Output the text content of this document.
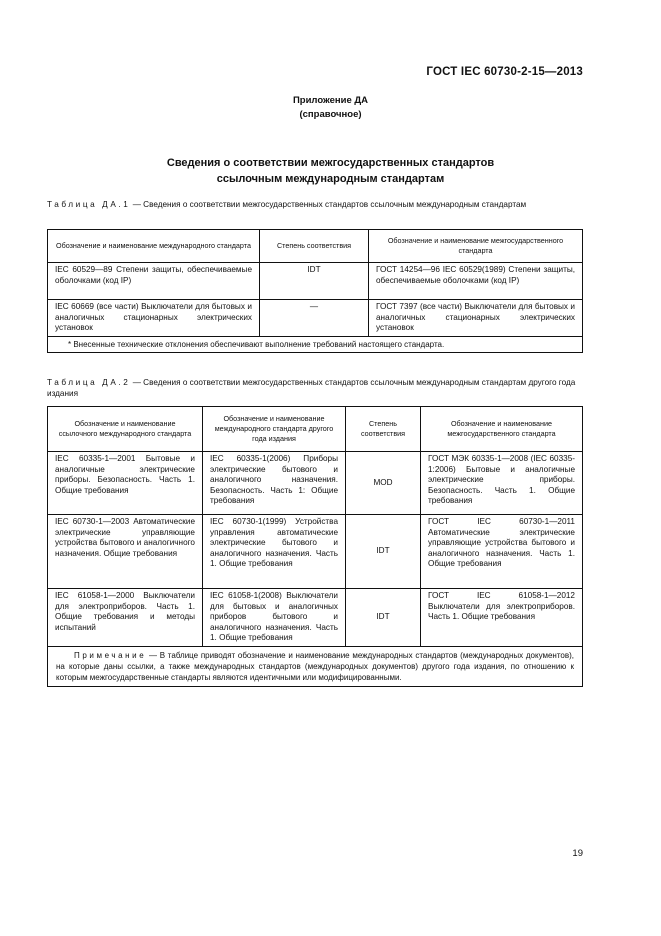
ГОСТ IEC 60730-2-15—2013
Приложение ДА
(справочное)
Сведения о соответствии межгосударственных стандартов
ссылочным международным стандартам
Таблица ДА.1 — Сведения о соответствии межгосударственных стандартов ссылочным международным стандартам
Обозначение и наименование международного стандарта	Степень соответствия	Обозначение и наименование межгосударственного стандарта
IEC 60529—89 Степени защиты, обеспечиваемые оболочками (код IP)	IDT	ГОСТ 14254—96 IEC 60529(1989) Степени защиты, обеспечиваемые оболочками (код IP)
IEC 60669 (все части) Выключатели для бытовых и аналогичных стационарных электрических установок	—	ГОСТ 7397 (все части) Выключатели для бытовых и аналогичных стационарных электрических установок
* Внесенные технические отклонения обеспечивают выполнение требований настоящего стандарта.		
Таблица ДА.2 — Сведения о соответствии межгосударственных стандартов ссылочным международным стандартам другого года издания
Обозначение и наименование ссылочного международного стандарта	Обозначение и наименование международного стандарта другого года издания	Степень соответствия	Обозначение и наименование межгосударственного стандарта
IEC 60335-1—2001 Бытовые и аналогичные электрические приборы. Безопасность. Часть 1. Общие требования	IEC 60335-1(2006) Приборы электрические бытового и аналогичного назначения. Безопасность. Часть 1: Общие требования	MOD	ГОСТ МЭК 60335-1—2008 (IEC 60335-1:2006) Бытовые и аналогичные электрические приборы. Безопасность. Часть 1. Общие требования
IEC 60730-1—2003 Автоматические электрические управляющие устройства бытового и аналогичного назначения. Общие требования	IEC 60730-1(1999) Устройства управления автоматические электрические бытового и аналогичного назначения. Часть 1. Общие требования	IDT	ГОСТ IEC 60730-1—2011 Автоматические электрические управляющие устройства бытового и аналогичного назначения. Часть 1. Общие требования
IEC 61058-1—2000 Выключатели для электроприборов. Часть 1. Общие требования и методы испытаний	IEC 61058-1(2008) Выключатели для бытовых и аналогичных приборов бытового и аналогичного назначения. Часть 1. Общие требования	IDT	ГОСТ IEC 61058-1—2012 Выключатели для электроприборов. Часть 1. Общие требования
Примечание — В таблице приводят обозначение и наименование международных стандартов (международных документов), на которые даны ссылки, а также международных стандартов (международных документов) другого года издания, по отношению к которым межгосударственные стандарты являются идентичными или модифицированными.			
19
